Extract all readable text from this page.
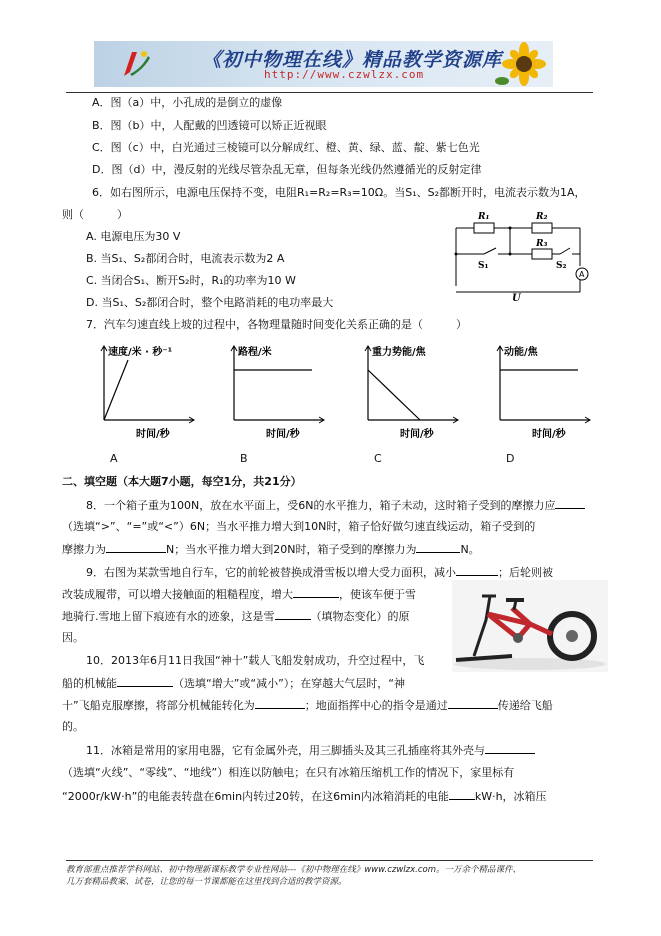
《初中物理在线》精品教学资源库
http://www.czwlzx.com
A．图（a）中，小孔成的是倒立的虚像
B．图（b）中，人配戴的凹透镜可以矫正近视眼
C．图（c）中，白光通过三棱镜可以分解成红、橙、黄、绿、蓝、靛、紫七色光
D．图（d）中，漫反射的光线尽管杂乱无章，但每条光线仍然遵循光的反射定律
6．如右图所示，电源电压保持不变，电阻R₁=R₂=R₃=10Ω。当S₁、S₂都断开时，电流表示数为1A，
则（　　　）
A. 电源电压为30 V
B. 当S₁、S₂都闭合时，电流表示数为2 A
C. 当闭合S₁、断开S₂时，R₁的功率为10 W
D. 当S₁、S₂都闭合时，整个电路消耗的电功率最大
R₁	R₂
R₃
S₁	S₂
A
U
7．汽车匀速直线上坡的过程中，各物理量随时间变化关系正确的是（　　　）
速度/米 · 秒⁻¹
时间/秒
A
路程/米
时间/秒
B
重力势能/焦
时间/秒
C
动能/焦
时间/秒
D
二、填空题（本大题7小题，每空1分，共21分）
8．一个箱子重为100N，放在水平面上，受6N的水平推力，箱子未动，这时箱子受到的摩擦力应
（选填“>”、“=”或“<”）6N；当水平推力增大到10N时，箱子恰好做匀速直线运动，箱子受到的
摩擦力为	N；当水平推力增大到20N时，箱子受到的摩擦力为	N。
9．右图为某款雪地自行车，它的前轮被替换成滑雪板以增大受力面积，减小	；后轮则被
改装成履带，可以增大接触面的粗糙程度，增大	，使该车便于雪
地骑行.雪地上留下痕迹有水的迹象，这是雪	（填物态变化）的原
因。
10．2013年6月11日我国“神十”载人飞船发射成功，升空过程中，飞
船的机械能	（选填“增大”或“减小”）；在穿越大气层时，“神
十”飞船克服摩擦，将部分机械能转化为	；地面指挥中心的指令是通过	传递给飞船
的。
11．冰箱是常用的家用电器，它有金属外壳，用三脚插头及其三孔插座将其外壳与
（选填“火线”、“零线”、“地线”）相连以防触电；在只有冰箱压缩机工作的情况下，家里标有
“2000r/kW·h”的电能表转盘在6min内转过20转，在这6min内冰箱消耗的电能 kW·h，冰箱压
教育部重点推荐学科网站、初中物理新课标教学专业性网站---《初中物理在线》www.czwlzx.com。一万余个精品课件、
几万套精品教案、试卷，让您的每一节课都能在这里找到合适的教学资源。
